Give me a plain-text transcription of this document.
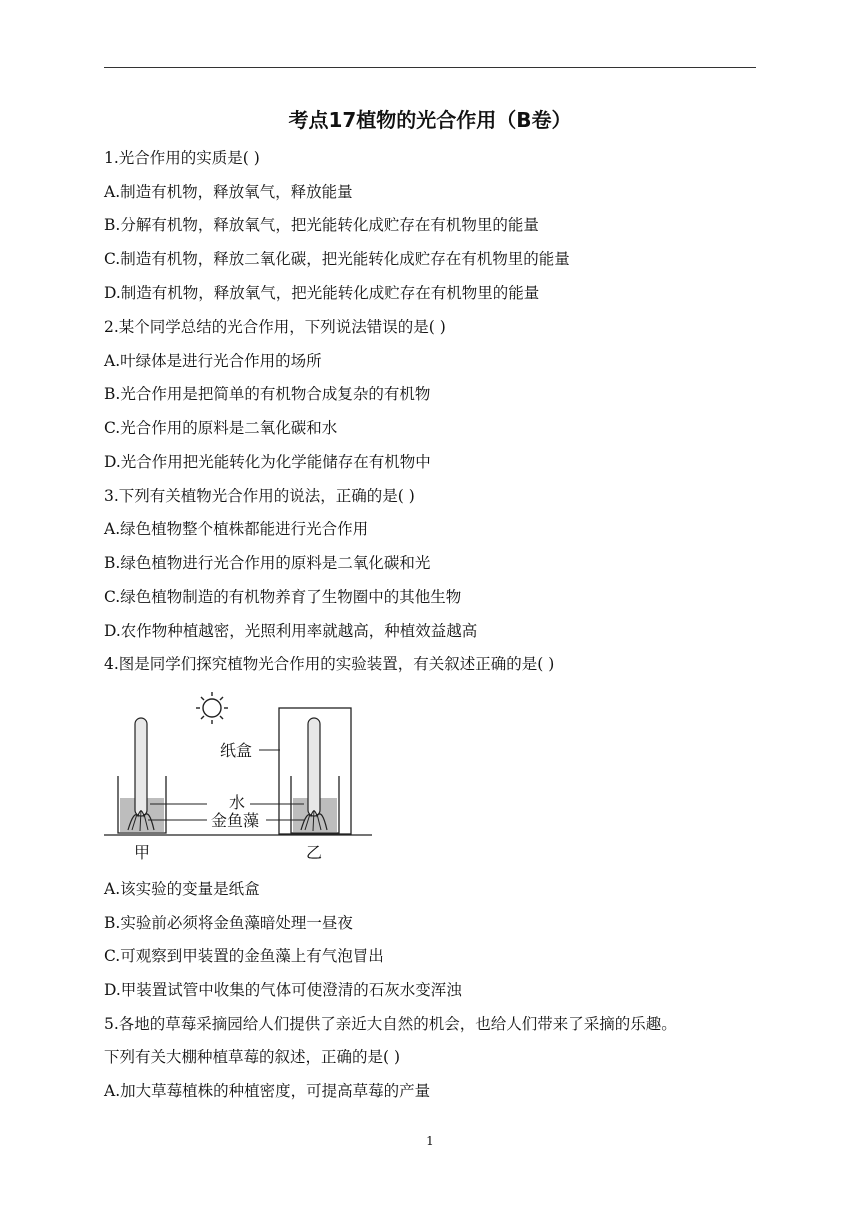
考点17植物的光合作用（B卷）
1.光合作用的实质是( )
A.制造有机物，释放氧气，释放能量
B.分解有机物，释放氧气，把光能转化成贮存在有机物里的能量
C.制造有机物，释放二氧化碳，把光能转化成贮存在有机物里的能量
D.制造有机物，释放氧气，把光能转化成贮存在有机物里的能量
2.某个同学总结的光合作用，下列说法错误的是( )
A.叶绿体是进行光合作用的场所
B.光合作用是把简单的有机物合成复杂的有机物
C.光合作用的原料是二氧化碳和水
D.光合作用把光能转化为化学能储存在有机物中
3.下列有关植物光合作用的说法，正确的是( )
A.绿色植物整个植株都能进行光合作用
B.绿色植物进行光合作用的原料是二氧化碳和光
C.绿色植物制造的有机物养育了生物圈中的其他生物
D.农作物种植越密，光照利用率就越高，种植效益越高
4.图是同学们探究植物光合作用的实验装置，有关叙述正确的是( )
纸盒
水
金鱼藻
甲	乙
A.该实验的变量是纸盒
B.实验前必须将金鱼藻暗处理一昼夜
C.可观察到甲装置的金鱼藻上有气泡冒出
D.甲装置试管中收集的气体可使澄清的石灰水变浑浊
5.各地的草莓采摘园给人们提供了亲近大自然的机会，也给人们带来了采摘的乐趣。
下列有关大棚种植草莓的叙述，正确的是( )
A.加大草莓植株的种植密度，可提高草莓的产量
1
